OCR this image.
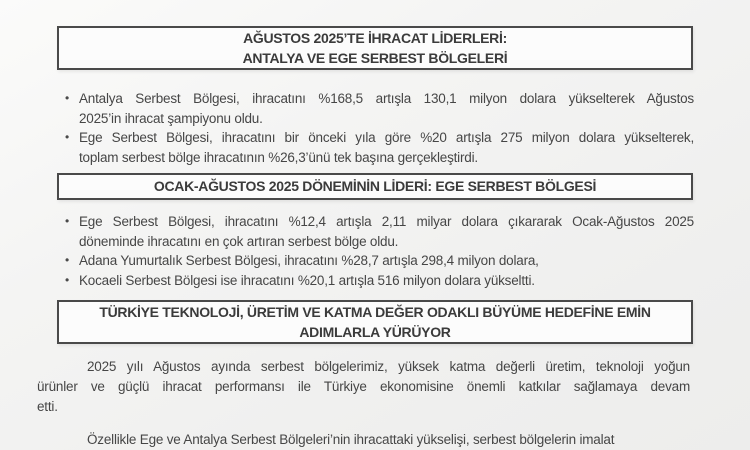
AĞUSTOS 2025’TE İHRACAT LİDERLERİ:
ANTALYA VE EGE SERBEST BÖLGELERİ
• Antalya Serbest Bölgesi, ihracatını %168,5 artışla 130,1 milyon dolara yükselterek Ağustos
2025’in ihracat şampiyonu oldu.
• Ege Serbest Bölgesi, ihracatını bir önceki yıla göre %20 artışla 275 milyon dolara yükselterek,
toplam serbest bölge ihracatının %26,3’ünü tek başına gerçekleştirdi.
OCAK-AĞUSTOS 2025 DÖNEMİNİN LİDERİ: EGE SERBEST BÖLGESİ
• Ege Serbest Bölgesi, ihracatını %12,4 artışla 2,11 milyar dolara çıkararak Ocak-Ağustos 2025
döneminde ihracatını en çok artıran serbest bölge oldu.
• Adana Yumurtalık Serbest Bölgesi, ihracatını %28,7 artışla 298,4 milyon dolara,
• Kocaeli Serbest Bölgesi ise ihracatını %20,1 artışla 516 milyon dolara yükseltti.
TÜRKİYE TEKNOLOJİ, ÜRETİM VE KATMA DEĞER ODAKLI BÜYÜME HEDEFİNE EMİN
ADIMLARLA YÜRÜYOR
2025 yılı Ağustos ayında serbest bölgelerimiz, yüksek katma değerli üretim, teknoloji yoğun
ürünler ve güçlü ihracat performansı ile Türkiye ekonomisine önemli katkılar sağlamaya devam
etti.
Özellikle Ege ve Antalya Serbest Bölgeleri’nin ihracattaki yükselişi, serbest bölgelerin imalat
